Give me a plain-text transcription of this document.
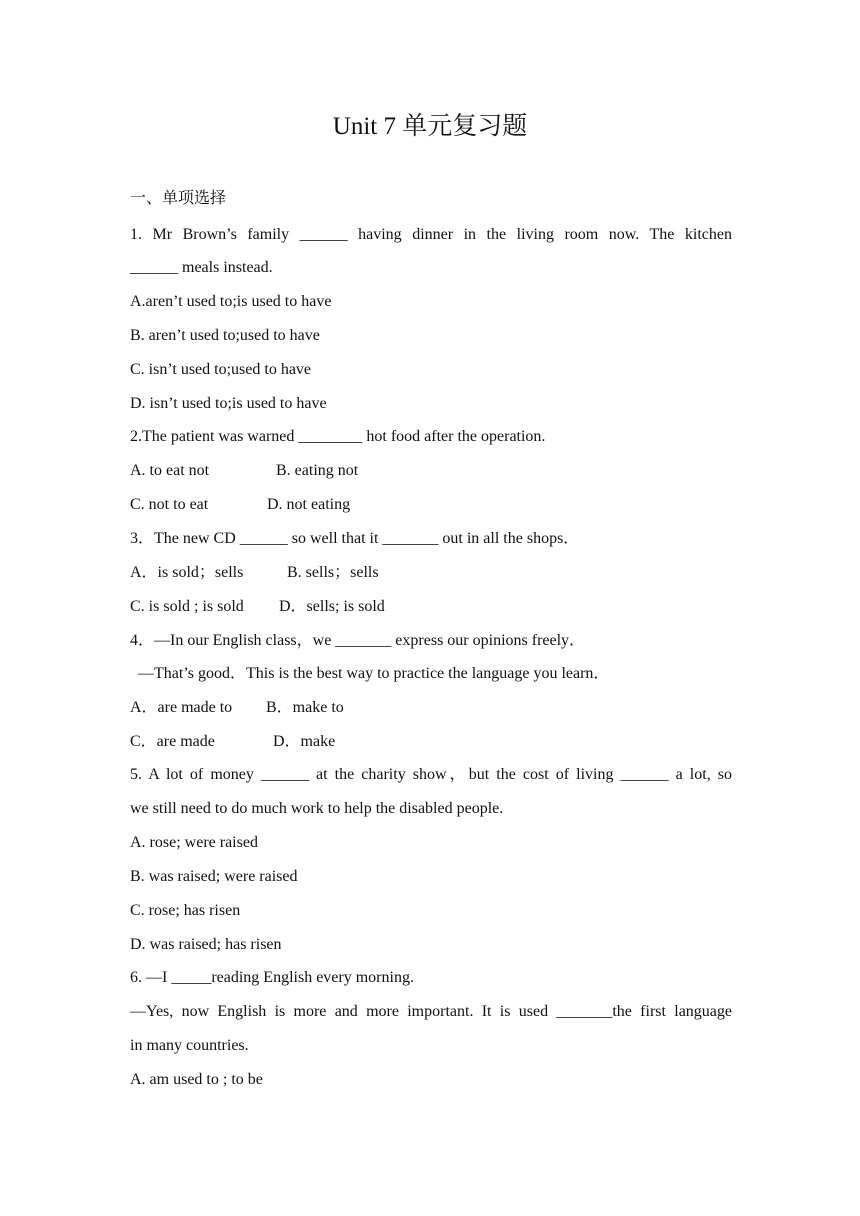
Unit 7 单元复习题
一、单项选择
1. Mr Brown’s family ______ having dinner in the living room now. The kitchen
______ meals instead.
A.aren’t used to;is used to have
B. aren’t used to;used to have
C. isn’t used to;used to have
D. isn’t used to;is used to have
2.The patient was warned ________ hot food after the operation.
A. to eat not	B. eating not
C. not to eat	D. not eating
3．The new CD ______ so well that it _______ out in all the shops．
A．is sold；sells	B. sells；sells
C. is sold ; is sold D．sells; is sold
4．—In our English class，we _______ express our opinions freely．
—That’s good．This is the best way to practice the language you learn．
A．are made to B．make to
C．are made	D．make
5. A lot of money ______ at the charity show，but the cost of living ______ a lot, so
we still need to do much work to help the disabled people.
A. rose; were raised
B. was raised; were raised
C. rose; has risen
D. was raised; has risen
6. —I _____reading English every morning.
—Yes, now English is more and more important. It is used _______the first language
in many countries.
A. am used to ; to be
